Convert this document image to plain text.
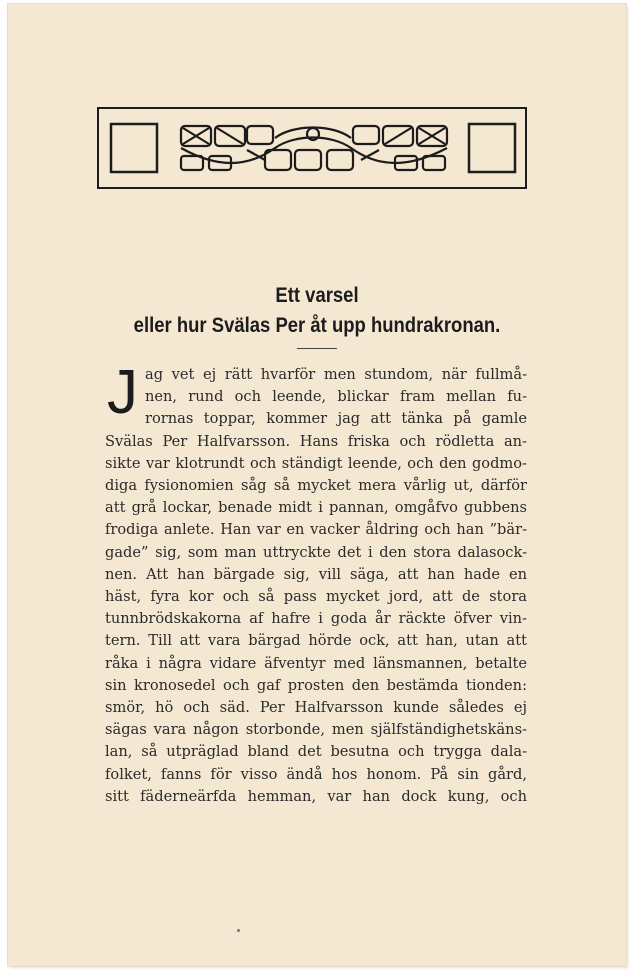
Ett varsel
eller hur Svälas Per åt upp hundrakronan.
J ag vet ej rätt hvarför men stundom, när fullmå-
nen, rund och leende, blickar fram mellan fu-
rornas toppar, kommer jag att tänka på gamle
Svälas Per Halfvarsson. Hans friska och rödletta an-
sikte var klotrundt och ständigt leende, och den godmo-
diga fysionomien såg så mycket mera vårlig ut, därför
att grå lockar, benade midt i pannan, omgåfvo gubbens
frodiga anlete. Han var en vacker åldring och han ”bär-
gade” sig, som man uttryckte det i den stora dalasock-
nen. Att han bärgade sig, vill säga, att han hade en
häst, fyra kor och så pass mycket jord, att de stora
tunnbrödskakorna af hafre i goda år räckte öfver vin-
tern. Till att vara bärgad hörde ock, att han, utan att
råka i några vidare äfventyr med länsmannen, betalte
sin kronosedel och gaf prosten den bestämda tionden:
smör, hö och säd. Per Halfvarsson kunde således ej
sägas vara någon storbonde, men själfständighetskäns-
lan, så utpräglad bland det besutna och trygga dala-
folket, fanns för visso ändå hos honom. På sin gård,
sitt fäderneärfda hemman, var han dock kung, och
